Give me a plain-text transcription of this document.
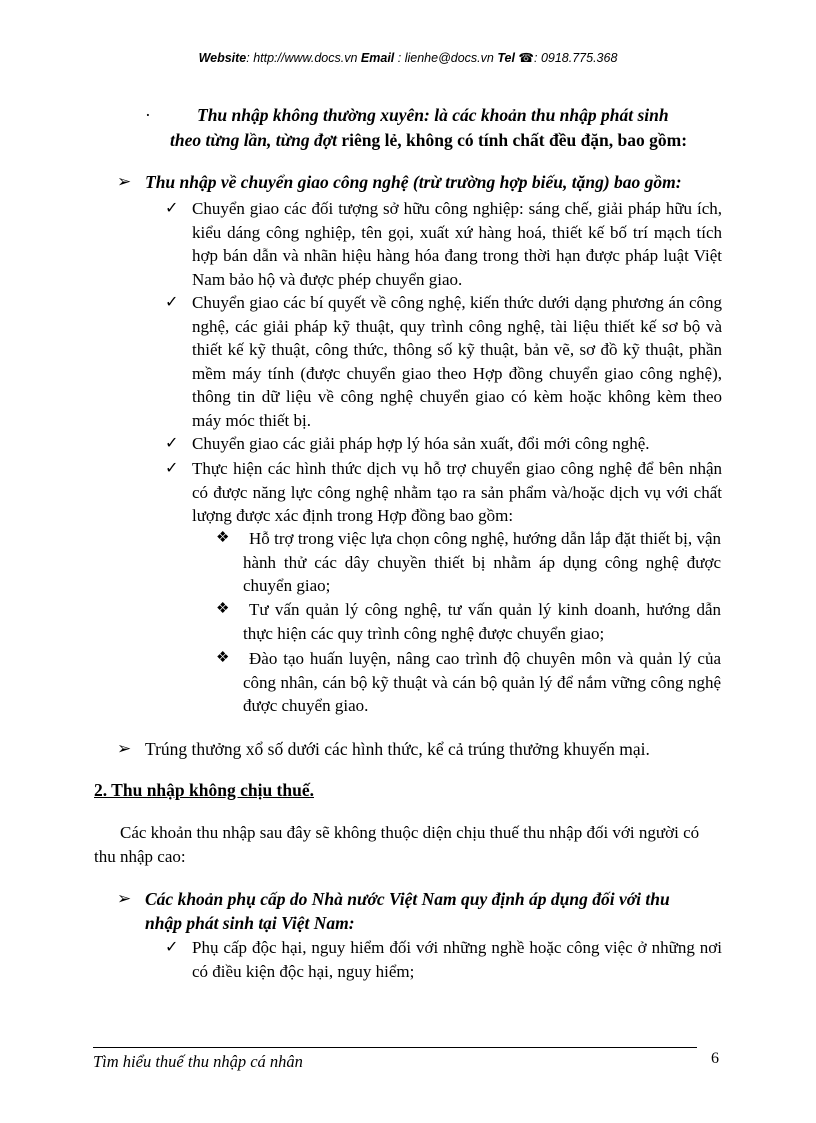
Website: http://www.docs.vn Email : lienhe@docs.vn Tel ☎: 0918.775.368
·	Thu nhập không thường xuyên: là các khoản thu nhập phát sinh
theo từng lần, từng đợt riêng lẻ, không có tính chất đều đặn, bao gồm:
➢ Thu nhập về chuyển giao công nghệ (trừ trường hợp biếu, tặng) bao gồm:
✓ Chuyển giao các đối tượng sở hữu công nghiệp: sáng chế, giải pháp hữu ích, kiểu dáng công nghiệp, tên gọi, xuất xứ hàng hoá, thiết kế bố trí mạch tích hợp bán dẫn và nhãn hiệu hàng hóa đang trong thời hạn được pháp luật Việt Nam bảo hộ và được phép chuyển giao.
✓ Chuyển giao các bí quyết về công nghệ, kiến thức dưới dạng phương án công nghệ, các giải pháp kỹ thuật, quy trình công nghệ, tài liệu thiết kế sơ bộ và thiết kế kỹ thuật, công thức, thông số kỹ thuật, bản vẽ, sơ đồ kỹ thuật, phần mềm máy tính (được chuyển giao theo Hợp đồng chuyển giao công nghệ), thông tin dữ liệu về công nghệ chuyển giao có kèm hoặc không kèm theo máy móc thiết bị.
✓ Chuyển giao các giải pháp hợp lý hóa sản xuất, đổi mới công nghệ.
✓ Thực hiện các hình thức dịch vụ hỗ trợ chuyển giao công nghệ để bên nhận có được năng lực công nghệ nhằm tạo ra sản phẩm và/hoặc dịch vụ với chất lượng được xác định trong Hợp đồng bao gồm:
❖	Hỗ trợ trong việc lựa chọn công nghệ, hướng dẫn lắp đặt thiết bị, vận hành thử các dây chuyền thiết bị nhằm áp dụng công nghệ được chuyển giao;
❖	Tư vấn quản lý công nghệ, tư vấn quản lý kinh doanh, hướng dẫn thực hiện các quy trình công nghệ được chuyển giao;
❖	Đào tạo huấn luyện, nâng cao trình độ chuyên môn và quản lý của công nhân, cán bộ kỹ thuật và cán bộ quản lý để nắm vững công nghệ được chuyển giao.
➢ Trúng thưởng xổ số dưới các hình thức, kể cả trúng thưởng khuyến mại.
2. Thu nhập không chịu thuế.
Các khoản thu nhập sau đây sẽ không thuộc diện chịu thuế thu nhập đối với người có thu nhập cao:
➢ Các khoản phụ cấp do Nhà nước Việt Nam quy định áp dụng đối với thu
nhập phát sinh tại Việt Nam:
✓ Phụ cấp độc hại, nguy hiểm đối với những nghề hoặc công việc ở những nơi có điều kiện độc hại, nguy hiểm;
Tìm hiểu thuế thu nhập cá nhân	6
